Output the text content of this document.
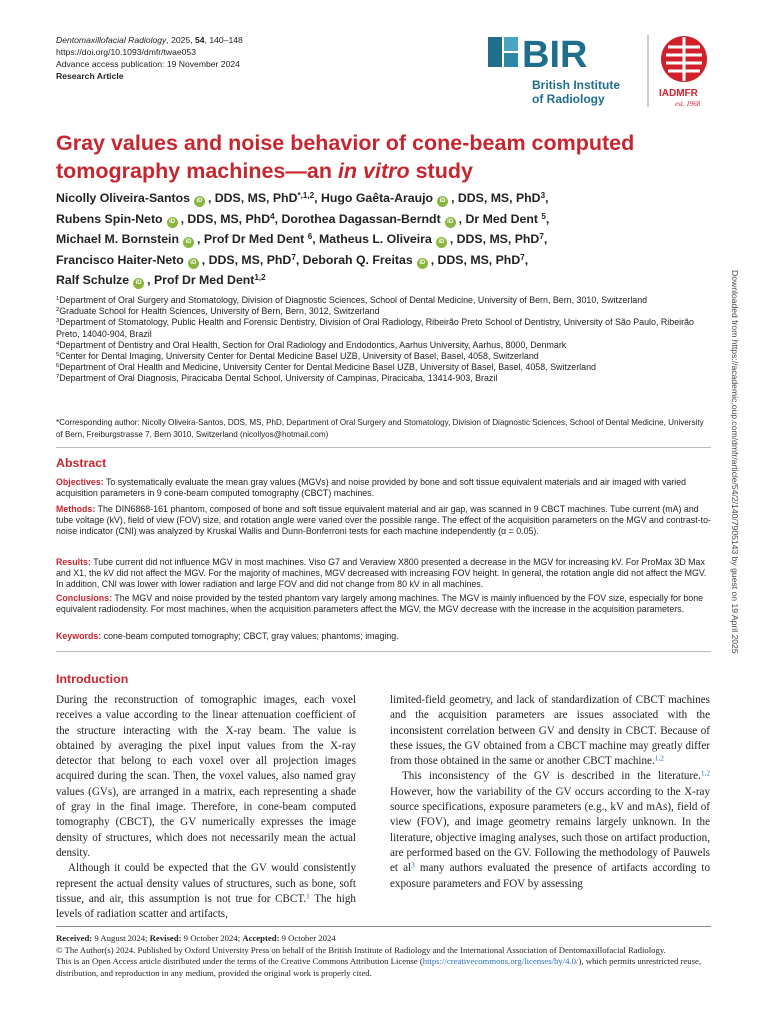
Dentomaxillofacial Radiology, 2025, 54, 140–148
https://doi.org/10.1093/dmfr/twae053
Advance access publication: 19 November 2024
Research Article	BIR
British Institute
of Radiology	IADMFR
est. 1968
Gray values and noise behavior of cone-beam computed
tomography machines—an in vitro study
Nicolly Oliveira-Santos iD , DDS, MS, PhD$^{*,1,2}$, Hugo Gaêta-Araujo iD , DDS, MS, PhD$^3$,
Rubens Spin-Neto iD , DDS, MS, PhD$^4$, Dorothea Dagassan-Berndt iD , Dr Med Dent $^5$,
Michael M. Bornstein iD , Prof Dr Med Dent $^6$, Matheus L. Oliveira iD , DDS, MS, PhD$^7$,
Francisco Haiter-Neto iD , DDS, MS, PhD$^7$, Deborah Q. Freitas iD , DDS, MS, PhD$^7$,
Ralf Schulze iD , Prof Dr Med Dent$^{1,2}$
$^1$Department of Oral Surgery and Stomatology, Division of Diagnostic Sciences, School of Dental Medicine, University of Bern, Bern, 3010, Switzerland
$^2$Graduate School for Health Sciences, University of Bern, Bern, 3012, Switzerland
$^3$Department of Stomatology, Public Health and Forensic Dentistry, Division of Oral Radiology, Ribeirão Preto School of Dentistry, University of São Paulo, Ribeirão Preto, 14040-904, Brazil
$^4$Department of Dentistry and Oral Health, Section for Oral Radiology and Endodontics, Aarhus University, Aarhus, 8000, Denmark
$^5$Center for Dental Imaging, University Center for Dental Medicine Basel UZB, University of Basel, Basel, 4058, Switzerland
$^6$Department of Oral Health and Medicine, University Center for Dental Medicine Basel UZB, University of Basel, Basel, 4058, Switzerland
$^7$Department of Oral Diagnosis, Piracicaba Dental School, University of Campinas, Piracicaba, 13414-903, Brazil
*Corresponding author: Nicolly Oliveira-Santos, DDS, MS, PhD, Department of Oral Surgery and Stomatology, Division of Diagnostic Sciences, School of Dental Medicine, University of Bern, Freiburgstrasse 7, Bern 3010, Switzerland (nicollyos@hotmail.com)
Abstract
Objectives: To systematically evaluate the mean gray values (MGVs) and noise provided by bone and soft tissue equivalent materials and air imaged with varied acquisition parameters in 9 cone-beam computed tomography (CBCT) machines.
Methods: The DIN6868-161 phantom, composed of bone and soft tissue equivalent material and air gap, was scanned in 9 CBCT machines. Tube current (mA) and tube voltage (kV), field of view (FOV) size, and rotation angle were varied over the possible range. The effect of the acquisition parameters on the MGV and contrast-to-noise indicator (CNI) was analyzed by Kruskal Wallis and Dunn-Bonferroni tests for each machine independently (α = 0.05).
Results: Tube current did not influence MGV in most machines. Viso G7 and Veraview X800 presented a decrease in the MGV for increasing kV. For ProMax 3D Max and X1, the kV did not affect the MGV. For the majority of machines, MGV decreased with increasing FOV height. In general, the rotation angle did not affect the MGV. In addition, CNI was lower with lower radiation and large FOV and did not change from 80 kV in all machines.
Conclusions: The MGV and noise provided by the tested phantom vary largely among machines. The MGV is mainly influenced by the FOV size, especially for bone equivalent radiodensity. For most machines, when the acquisition parameters affect the MGV, the MGV decrease with the increase in the acquisition parameters.
Keywords: cone-beam computed tomography; CBCT, gray values; phantoms; imaging.
Introduction

During the reconstruction of tomographic images, each voxel receives a value according to the linear attenuation coefficient of the structure interacting with the X-ray beam. The value is obtained by averaging the pixel input values from the X-ray detector that belong to each voxel over all projection images acquired during the scan. Then, the voxel values, also named gray values (GVs), are arranged in a matrix, each representing a shade of gray in the final image. Therefore, in cone-beam computed tomography (CBCT), the GV numerically expresses the image density of structures, which does not necessarily mean the actual density.

Although it could be expected that the GV would consistently represent the actual density values of structures, such as bone, soft tissue, and air, this assumption is not true for CBCT.$^1$ The high levels of radiation scatter and artifacts,

limited-field geometry, and lack of standardization of CBCT machines and the acquisition parameters are issues associated with the inconsistent correlation between GV and density in CBCT. Because of these issues, the GV obtained from a CBCT machine may greatly differ from those obtained in the same or another CBCT machine.$^{1,2}$

This inconsistency of the GV is described in the literature.$^{1,2}$ However, how the variability of the GV occurs according to the X-ray source specifications, exposure parameters (e.g., kV and mAs), field of view (FOV), and image geometry remains largely unknown. In the literature, objective imaging analyses, such those on artifact production, are performed based on the GV. Following the methodology of Pauwels et al$^3$ many authors evaluated the presence of artifacts according to exposure parameters and FOV by assessing

Received: 9 August 2024; Revised: 9 October 2024; Accepted: 9 October 2024
© The Author(s) 2024. Published by Oxford University Press on behalf of the British Institute of Radiology and the International Association of Dentomaxillofacial Radiology.
This is an Open Access article distributed under the terms of the Creative Commons Attribution License (https://creativecommons.org/licenses/by/4.0/), which permits unrestricted reuse, distribution, and reproduction in any medium, provided the original work is properly cited.
Downloaded from https://academic.oup.com/dmfr/article/54/2/140/7905143 by guest on 19 April 2025
